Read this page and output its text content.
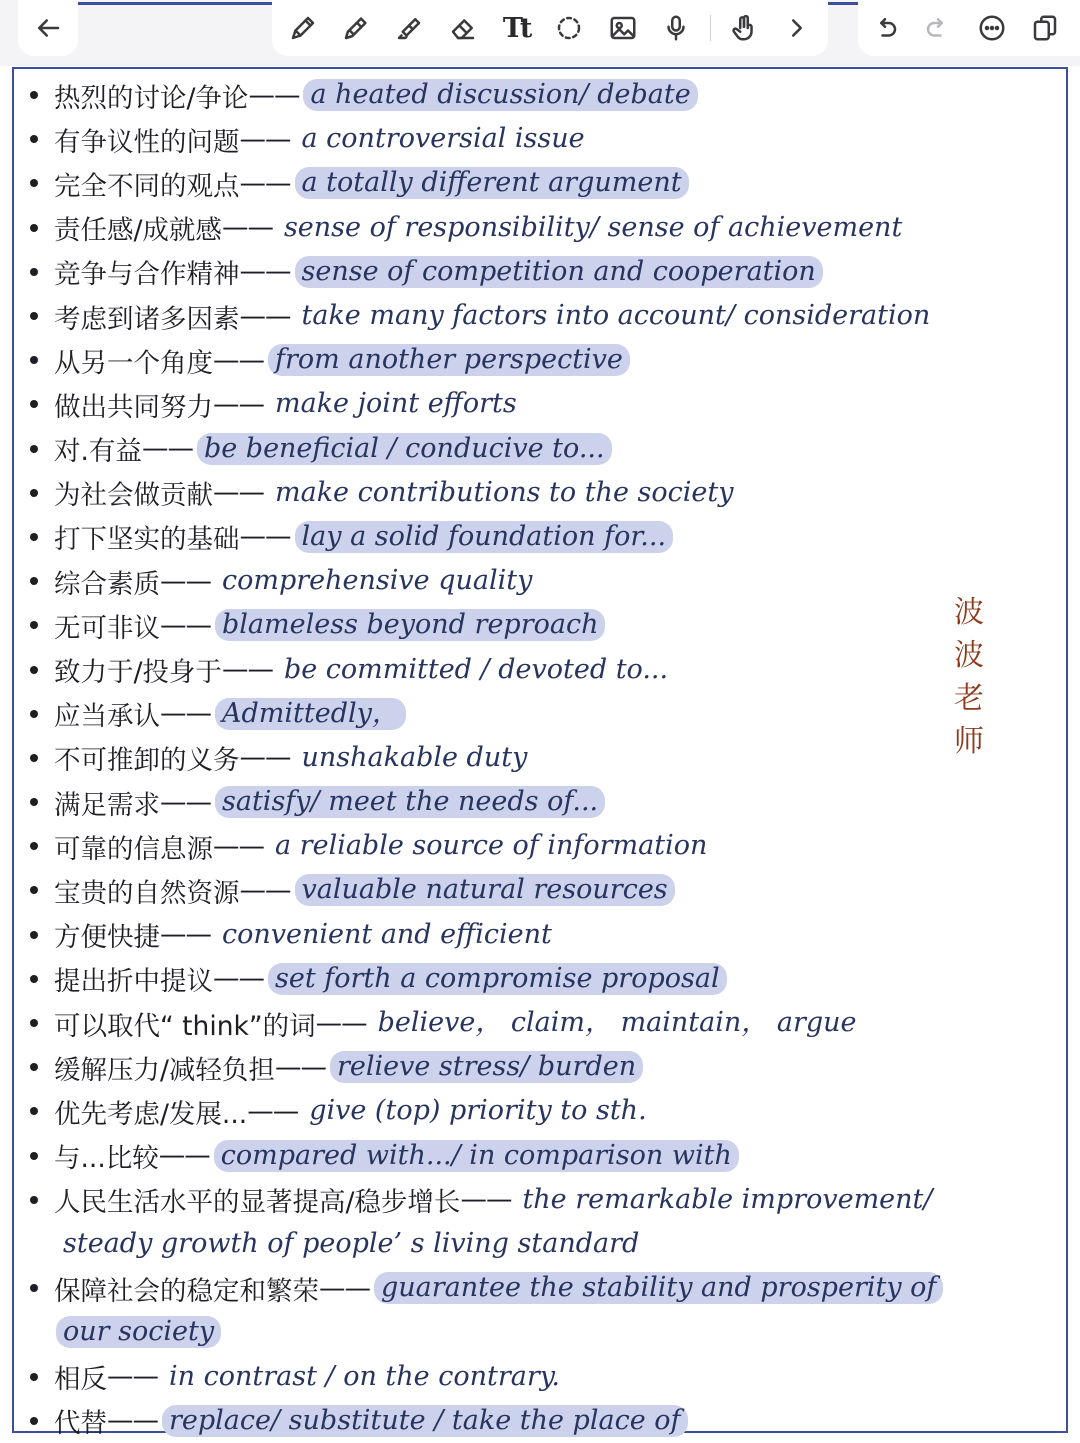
Tt
热烈的讨论/争论 —— a heated discussion/ debate
有争议性的问题 —— a controversial issue
完全不同的观点 —— a totally different argument
责任感/成就感 —— sense of responsibility/ sense of achievement
竞争与合作精神 —— sense of competition and cooperation
考虑到诸多因素 —— take many factors into account/ consideration
从另一个角度 —— from another perspective
做出共同努力 —— make joint efforts
对.有益 —— be beneficial / conducive to...
为社会做贡献 —— make contributions to the society
打下坚实的基础 —— lay a solid foundation for...
综合素质 —— comprehensive quality
无可非议 —— blameless beyond reproach
致力于/投身于 —— be committed / devoted to...
应当承认 —— Admittedly，
不可推卸的义务 —— unshakable duty
满足需求 —— satisfy/ meet the needs of...
可靠的信息源 —— a reliable source of information
宝贵的自然资源 —— valuable natural resources
方便快捷 —— convenient and efficient
提出折中提议 —— set forth a compromise proposal
可以取代“ think”的词 —— believe， claim， maintain， argue
缓解压力/减轻负担 —— relieve stress/ burden
优先考虑/发展... —— give (top) priority to sth.
与...比较 —— compared with.../ in comparison with
人民生活水平的显著提高/稳步增长 —— the remarkable improvement/
steady growth of people’ s living standard
保障社会的稳定和繁荣 —— guarantee the stability and prosperity of
our society
相反 —— in contrast / on the contrary.
代替 —— replace/ substitute / take the place of
波波老师
